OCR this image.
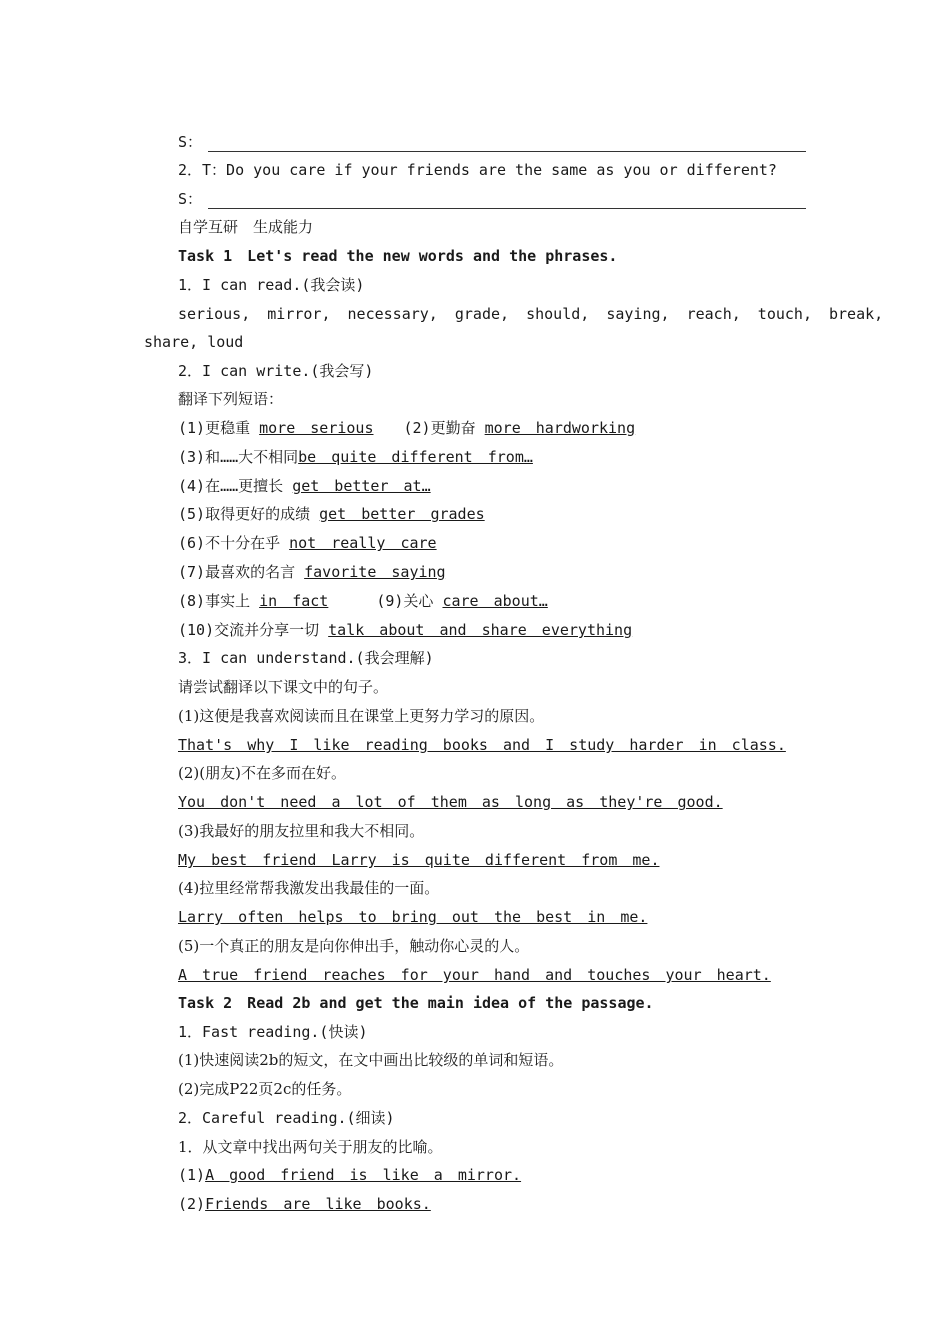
S：
2．T：Do you care if your friends are the same as you or different?
S：
自学互研　生成能力
Task 1　Let's read the new words and the phrases.
1．I can read.(我会读)
serious, mirror, necessary, grade, should, saying, reach, touch, break,
share, loud
2．I can write.(我会写)
翻译下列短语：
(1)更稳重 more serious (2)更勤奋 more hardworking
(3)和……大不相同be quite different from…
(4)在……更擅长 get better at…
(5)取得更好的成绩 get better grades
(6)不十分在乎 not really care
(7)最喜欢的名言 favorite saying
(8)事实上 in fact	(9)关心 care about…
(10)交流并分享一切 talk about and share everything
3．I can understand.(我会理解)
请尝试翻译以下课文中的句子。
(1)这便是我喜欢阅读而且在课堂上更努力学习的原因。
That's why I like reading books and I study harder in class.
(2)(朋友)不在多而在好。
You don't need a lot of them as long as they're good.
(3)我最好的朋友拉里和我大不相同。
My best friend Larry is quite different from me.
(4)拉里经常帮我激发出我最佳的一面。
Larry often helps to bring out the best in me.
(5)一个真正的朋友是向你伸出手，触动你心灵的人。
A true friend reaches for your hand and touches your heart.
Task 2　Read 2b and get the main idea of the passage.
1．Fast reading.(快读)
(1)快速阅读2b的短文，在文中画出比较级的单词和短语。
(2)完成P22页2c的任务。
2．Careful reading.(细读)
1．从文章中找出两句关于朋友的比喻。
(1)A good friend is like a mirror.
(2)Friends are like books.
